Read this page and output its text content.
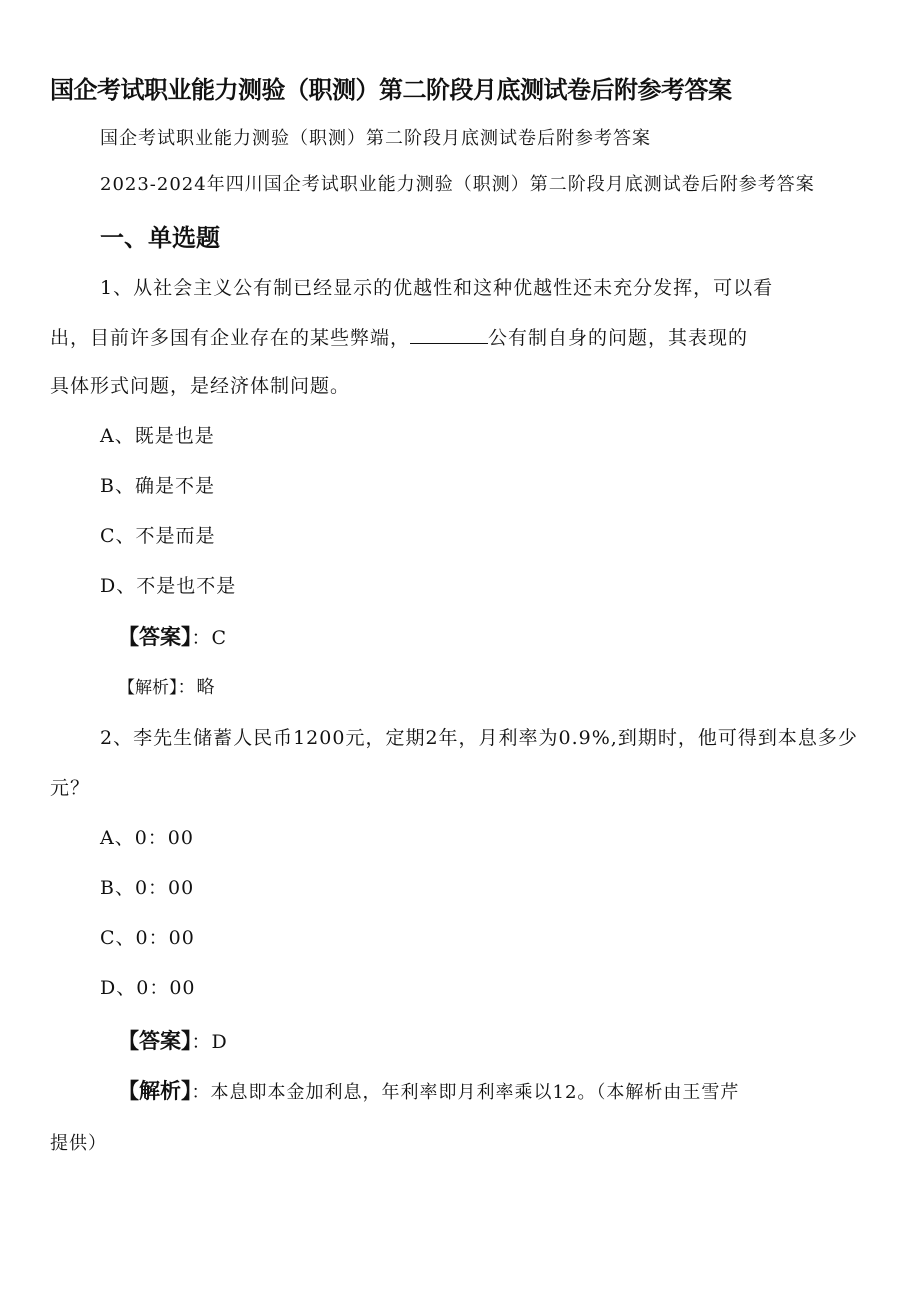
国企考试职业能力测验（职测）第二阶段月底测试卷后附参考答案
国企考试职业能力测验（职测）第二阶段月底测试卷后附参考答案
2023-2024年四川国企考试职业能力测验（职测）第二阶段月底测试卷后附参考答案
一、单选题
1、从社会主义公有制已经显示的优越性和这种优越性还未充分发挥，可以看
出，目前许多国有企业存在的某些弊端，	公有制自身的问题，其表现的
具体形式问题，是经济体制问题。
A、既是也是
B、确是不是
C、不是而是
D、不是也不是
【答案】：C
【解析】：略
2、李先生储蓄人民币1200元，定期2年，月利率为0.9%,到期时，他可得到本息多少
元？
A、0：00
B、0：00
C、0：00
D、0：00
【答案】：D
【解析】：本息即本金加利息，年利率即月利率乘以12。（本解析由王雪芹
提供）
